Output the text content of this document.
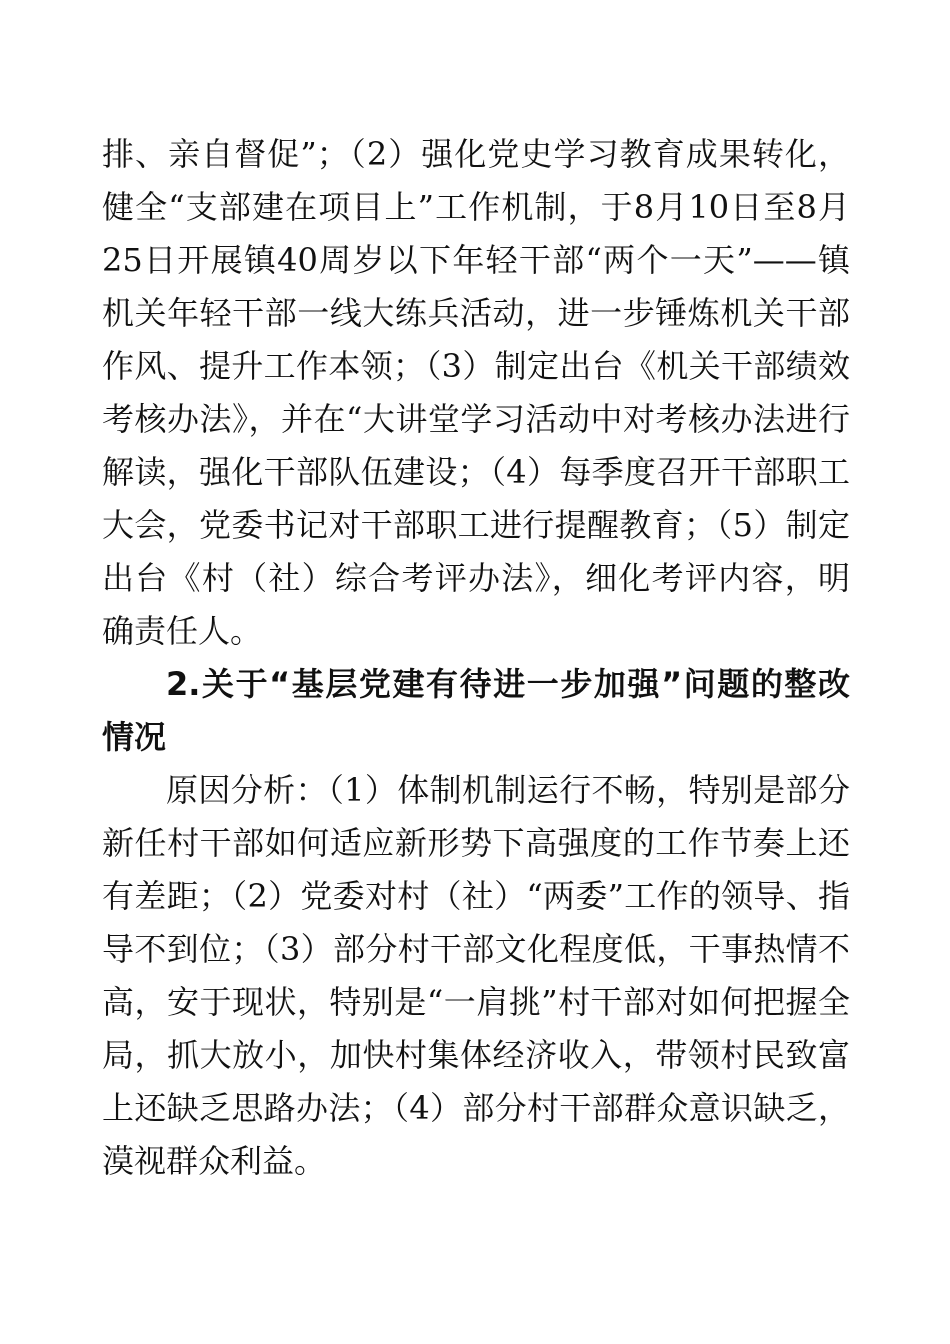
排、亲自督促”；（2）强化党史学习教育成果转化，健全“支部建在项目上”工作机制，于8月10日至8月25日开展镇40周岁以下年轻干部“两个一天”——镇机关年轻干部一线大练兵活动，进一步锤炼机关干部作风、提升工作本领；（3）制定出台《机关干部绩效考核办法》，并在“大讲堂学习活动中对考核办法进行解读，强化干部队伍建设；（4）每季度召开干部职工大会，党委书记对干部职工进行提醒教育；（5）制定出台《村（社）综合考评办法》，细化考评内容，明确责任人。

2.关于“基层党建有待进一步加强”问题的整改情况

原因分析：（1）体制机制运行不畅，特别是部分新任村干部如何适应新形势下高强度的工作节奏上还有差距；（2）党委对村（社）“两委”工作的领导、指导不到位；（3）部分村干部文化程度低，干事热情不高，安于现状，特别是“一肩挑”村干部对如何把握全局，抓大放小，加快村集体经济收入，带领村民致富上还缺乏思路办法；（4）部分村干部群众意识缺乏，漠视群众利益。
